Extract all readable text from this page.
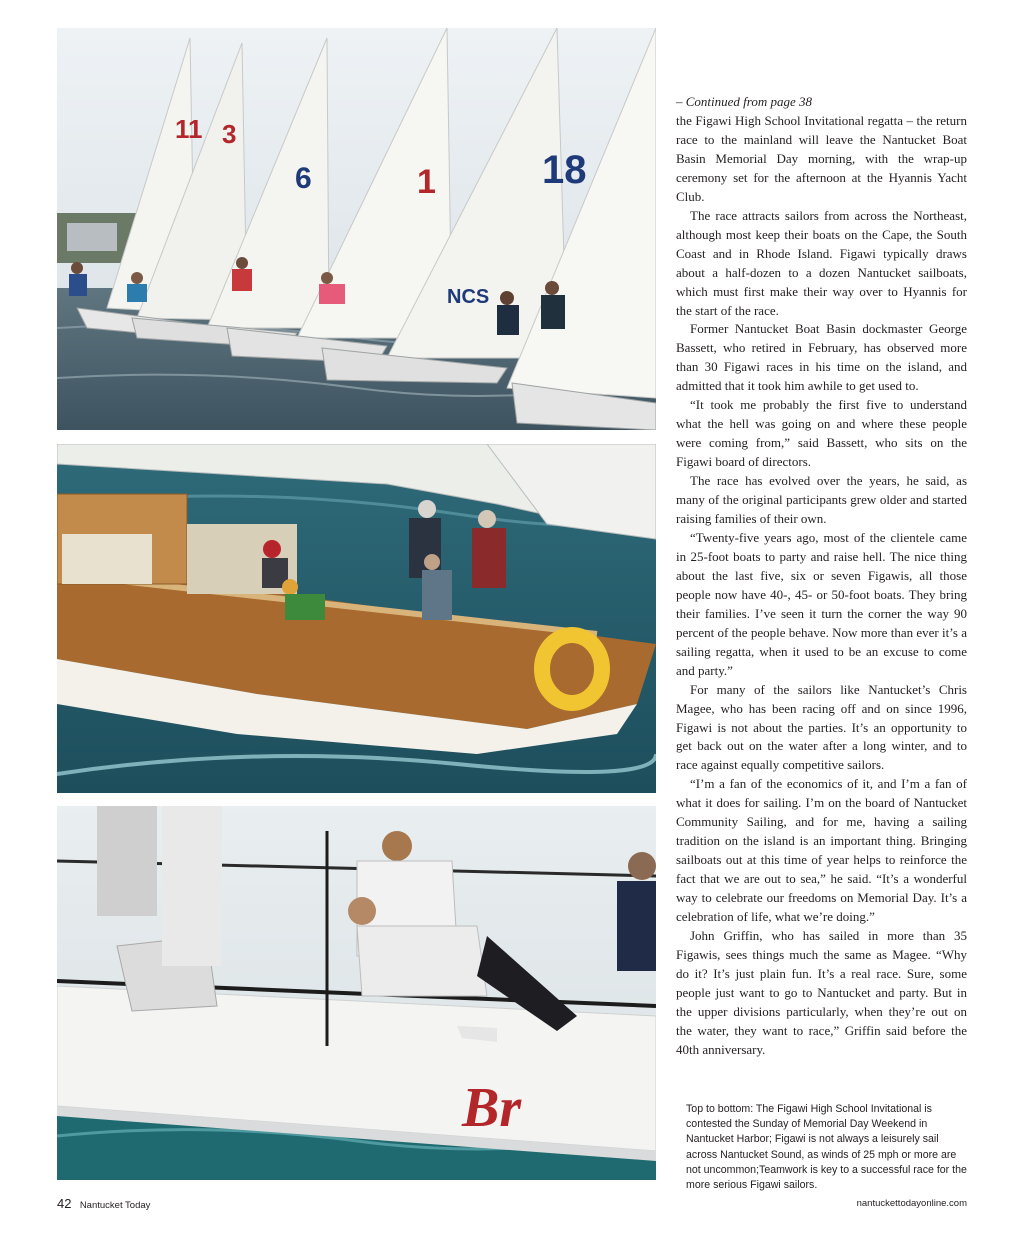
11 3
6	1	18
NCS
Br
– Continued from page 38

the Figawi High School Invitational regatta – the return race to the mainland will leave the Nantucket Boat Basin Memorial Day morning, with the wrap-up ceremony set for the afternoon at the Hyannis Yacht Club.

The race attracts sailors from across the Northeast, although most keep their boats on the Cape, the South Coast and in Rhode Island. Figawi typically draws about a half-dozen to a dozen Nantucket sailboats, which must first make their way over to Hyannis for the start of the race.

Former Nantucket Boat Basin dockmaster George Bassett, who retired in February, has observed more than 30 Figawi races in his time on the island, and admitted that it took him awhile to get used to.

“It took me probably the first five to understand what the hell was going on and where these people were coming from,” said Bassett, who sits on the Figawi board of directors.

The race has evolved over the years, he said, as many of the original participants grew older and started raising families of their own.

“Twenty-five years ago, most of the clientele came in 25-foot boats to party and raise hell. The nice thing about the last five, six or seven Figawis, all those people now have 40-, 45- or 50-foot boats. They bring their families. I’ve seen it turn the corner the way 90 percent of the people behave. Now more than ever it’s a sailing regatta, when it used to be an excuse to come and party.”

For many of the sailors like Nantucket’s Chris Magee, who has been racing off and on since 1996, Figawi is not about the parties. It’s an opportunity to get back out on the water after a long winter, and to race against equally competitive sailors.

“I’m a fan of the economics of it, and I’m a fan of what it does for sailing. I’m on the board of Nantucket Community Sailing, and for me, having a sailing tradition on the island is an important thing. Bringing sailboats out at this time of year helps to reinforce the fact that we are out to sea,” he said. “It’s a wonderful way to celebrate our freedoms on Memorial Day. It’s a celebration of life, what we’re doing.”

John Griffin, who has sailed in more than 35 Figawis, sees things much the same as Magee. “Why do it? It’s just plain fun. It’s a real race. Sure, some people just want to go to Nantucket and party. But in the upper divisions particularly, when they’re out on the water, they want to race,” Griffin said before the 40th anniversary.

Top to bottom: The Figawi High School Invitational is contested the Sunday of Memorial Day Weekend in Nantucket Harbor; Figawi is not always a leisurely sail across Nantucket Sound, as winds of 25 mph or more are not uncommon;Teamwork is key to a successful race for the more serious Figawi sailors.
42 Nantucket Today	nantuckettodayonline.com
